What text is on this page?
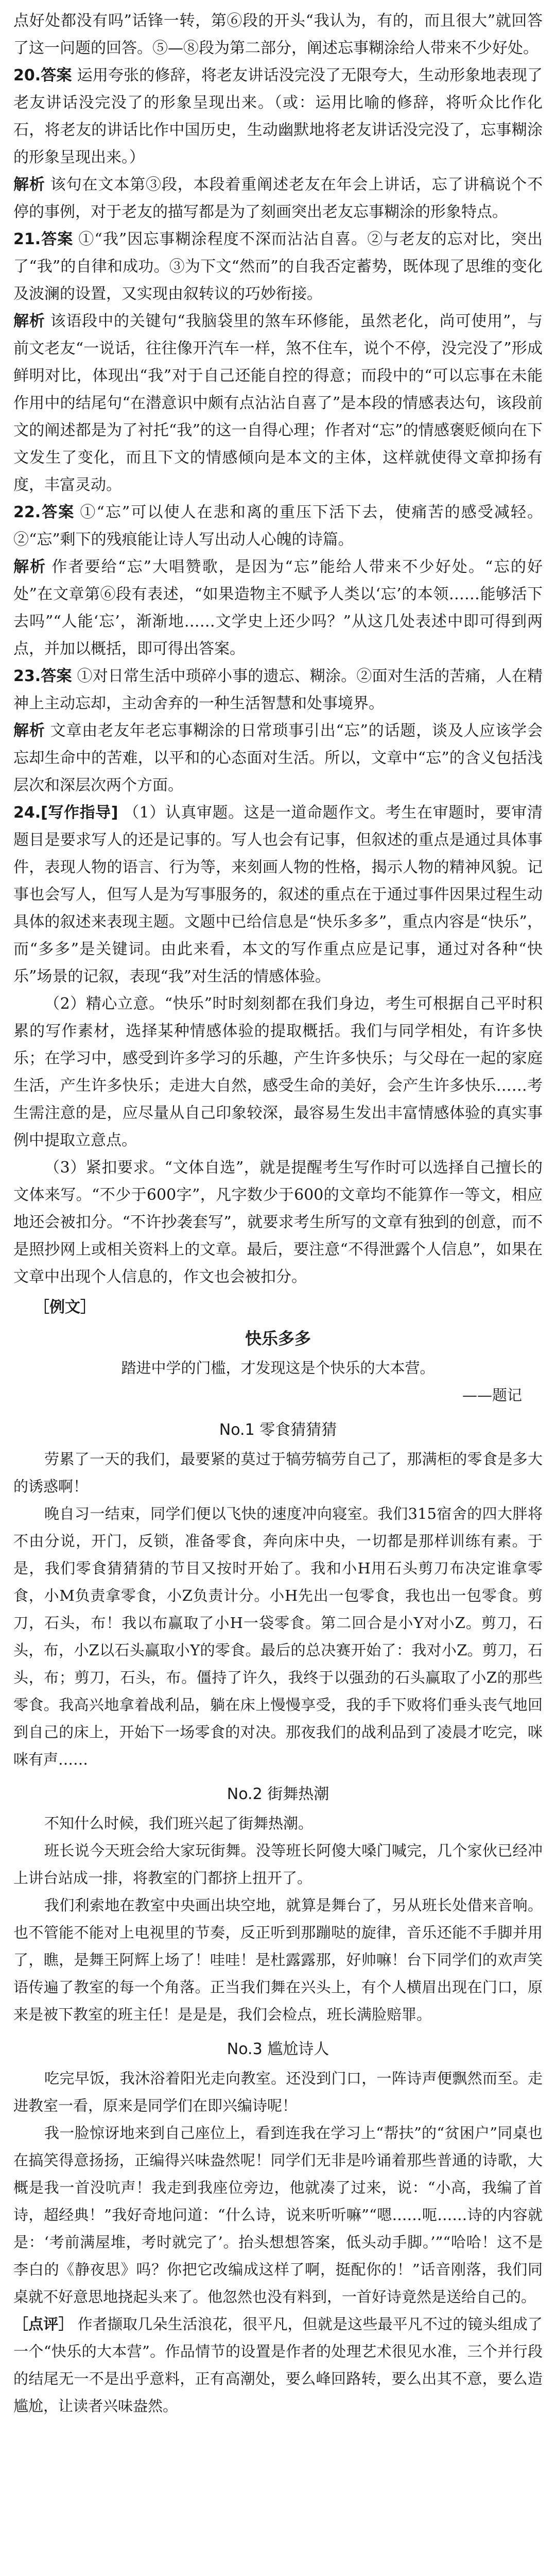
点好处都没有吗”话锋一转，第⑥段的开头“我认为，有的，而且很大”就回答了这一问题的回答。⑤—⑧段为第二部分，阐述忘事糊涂给人带来不少好处。

20.答案 运用夸张的修辞，将老友讲话没完没了无限夸大，生动形象地表现了老友讲话没完没了的形象呈现出来。（或：运用比喻的修辞，将听众比作化石，将老友的讲话比作中国历史，生动幽默地将老友讲话没完没了，忘事糊涂的形象呈现出来。）

解析 该句在文本第③段，本段着重阐述老友在年会上讲话，忘了讲稿说个不停的事例，对于老友的描写都是为了刻画突出老友忘事糊涂的形象特点。

21.答案 ①“我”因忘事糊涂程度不深而沾沾自喜。②与老友的忘对比，突出了“我”的自律和成功。③为下文“然而”的自我否定蓄势，既体现了思维的变化及波澜的设置，又实现由叙转议的巧妙衔接。

解析 该语段中的关键句“我脑袋里的煞车环修能，虽然老化，尚可使用”，与前文老友“一说话，往往像开汽车一样，煞不住车，说个不停，没完没了”形成鲜明对比，体现出“我”对于自己还能自控的得意；而段中的“可以忘事在未能作用中的结尾句“在潜意识中颇有点沾沾自喜了”是本段的情感表达句，该段前文的阐述都是为了衬托“我”的这一自得心理；作者对“忘”的情感褒贬倾向在下文发生了变化，而且下文的情感倾向是本文的主体，这样就使得文章抑扬有度，丰富灵动。

22.答案 ①“忘”可以使人在悲和离的重压下活下去，使痛苦的感受减轻。②“忘”剩下的残痕能让诗人写出动人心魄的诗篇。

解析 作者要给“忘”大唱赞歌，是因为“忘”能给人带来不少好处。“忘的好处”在文章第⑥段有表述，“如果造物主不赋予人类以‘忘’的本领……能够活下去吗”“人能‘忘’，渐渐地……文学史上还少吗？”从这几处表述中即可得到两点，并加以概括，即可得出答案。

23.答案 ①对日常生活中琐碎小事的遗忘、糊涂。②面对生活的苦痛，人在精神上主动忘却，主动舍弃的一种生活智慧和处事境界。

解析 文章由老友年老忘事糊涂的日常琐事引出“忘”的话题，谈及人应该学会忘却生命中的苦难，以平和的心态面对生活。所以，文章中“忘”的含义包括浅层次和深层次两个方面。

24.[写作指导] （1）认真审题。这是一道命题作文。考生在审题时，要审清题目是要求写人的还是记事的。写人也会有记事，但叙述的重点是通过具体事件，表现人物的语言、行为等，来刻画人物的性格，揭示人物的精神风貌。记事也会写人，但写人是为写事服务的，叙述的重点在于通过事件因果过程生动具体的叙述来表现主题。文题中已给信息是“快乐多多”，重点内容是“快乐”，而“多多”是关键词。由此来看，本文的写作重点应是记事，通过对各种“快乐”场景的记叙，表现“我”对生活的情感体验。

（2）精心立意。“快乐”时时刻刻都在我们身边，考生可根据自己平时积累的写作素材，选择某种情感体验的提取概括。我们与同学相处，有许多快乐；在学习中，感受到许多学习的乐趣，产生许多快乐；与父母在一起的家庭生活，产生许多快乐；走进大自然，感受生命的美好，会产生许多快乐……考生需注意的是，应尽量从自己印象较深，最容易生发出丰富情感体验的真实事例中提取立意点。

（3）紧扣要求。“文体自选”，就是提醒考生写作时可以选择自己擅长的文体来写。“不少于600字”，凡字数少于600的文章均不能算作一等文，相应地还会被扣分。“不许抄袭套写”，就要求考生所写的文章有独到的创意，而不是照抄网上或相关资料上的文章。最后，要注意“不得泄露个人信息”，如果在文章中出现个人信息的，作文也会被扣分。

［例文］
快乐多多

踏进中学的门槛，才发现这是个快乐的大本营。

——题记

No.1 零食猜猜猜

劳累了一天的我们，最要紧的莫过于犒劳犒劳自己了，那满柜的零食是多大的诱惑啊！

晚自习一结束，同学们便以飞快的速度冲向寝室。我们315宿舍的四大胖将不由分说，开门，反锁，准备零食，奔向床中央，一切都是那样训练有素。于是，我们零食猜猜猜的节目又按时开始了。我和小H用石头剪刀布决定谁拿零食，小M负责拿零食，小Z负责计分。小H先出一包零食，我也出一包零食。剪刀，石头，布！我以布赢取了小H一袋零食。第二回合是小Y对小Z。剪刀，石头，布，小Z以石头赢取小Y的零食。最后的总决赛开始了：我对小Z。剪刀，石头，布；剪刀，石头，布。僵持了许久，我终于以强劲的石头赢取了小Z的那些零食。我高兴地拿着战利品，躺在床上慢慢享受，我的手下败将们垂头丧气地回到自己的床上，开始下一场零食的对决。那夜我们的战利品到了凌晨才吃完，咪咪有声……

No.2 街舞热潮

不知什么时候，我们班兴起了街舞热潮。

班长说今天班会给大家玩街舞。没等班长阿傻大嗓门喊完，几个家伙已经冲上讲台站成一排，将教室的门都挤上扭开了。

我们利索地在教室中央画出块空地，就算是舞台了，另从班长处借来音响。也不管能不能对上电视里的节奏，反正听到那蹦哒的旋律，音乐还能不手脚并用了，瞧，是舞王阿辉上场了！哇哇！是杜露露那，好帅嘛！台下同学们的欢声笑语传遍了教室的每一个角落。正当我们舞在兴头上，有个人横眉出现在门口，原来是被下教室的班主任！是是是，我们会检点，班长满脸赔罪。

No.3 尴尬诗人

吃完早饭，我沐浴着阳光走向教室。还没到门口，一阵诗声便飘然而至。走进教室一看，原来是同学们在即兴编诗呢！

我一脸惊讶地来到自己座位上，看到连我在学习上“帮扶”的“贫困户”同桌也在搞笑得意扬扬，正编得兴味盎然呢！同学们无非是吟诵着那些普通的诗歌，大概是我一首没吭声！我走到我座位旁边，他就凑了过来，说：“小高，我编了首诗，超经典！”我好奇地问道：“什么诗，说来听听嘛”“嗯……呃……诗的内容就是：‘考前满屋堆，考时就完了’。抬头想想答案，低头动手脚。’”“哈哈！这不是李白的《静夜思》吗？你把它改编成这样了啊，挺配你的！”话音刚落，我们同桌就不好意思地挠起头来了。他忽然也没有料到，一首好诗竟然是送给自己的。

［点评］ 作者撷取几朵生活浪花，很平凡，但就是这些最平凡不过的镜头组成了一个“快乐的大本营”。作品情节的设置是作者的处理艺术很见水准，三个并行段的结尾无一不是出乎意料，正有高潮处，要么峰回路转，要么出其不意，要么造尴尬，让读者兴味盎然。
